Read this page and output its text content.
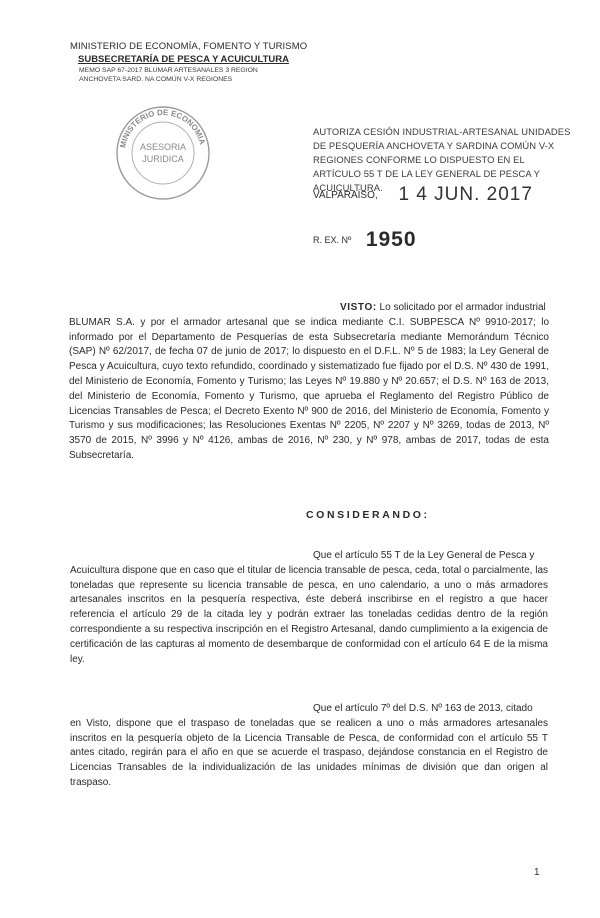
MINISTERIO DE ECONOMÍA, FOMENTO Y TURISMO
SUBSECRETARÍA DE PESCA Y ACUICULTURA
MEMO SAP 67-2017 BLUMAR ARTESANALES 3 REGION
ANCHOVETA SARD. NA COMÚN V-X REGIONES
MINISTERIO DE ECONOMIA
ASESORIA
JURIDICA
AUTORIZA CESIÓN INDUSTRIAL-ARTESANAL UNIDADES DE PESQUERÍA ANCHOVETA Y SARDINA COMÚN V-X REGIONES CONFORME LO DISPUESTO EN EL ARTÍCULO 55 T DE LA LEY GENERAL DE PESCA Y ACUICULTURA.
VALPARAÍSO, 1 4 JUN. 2017
R. EX. Nº 1950
VISTO: Lo solicitado por el armador industrial
BLUMAR S.A. y por el armador artesanal que se indica mediante C.I. SUBPESCA Nº 9910-2017; lo informado por el Departamento de Pesquerías de esta Subsecretaría mediante Memorándum Técnico (SAP) Nº 62/2017, de fecha 07 de junio de 2017; lo dispuesto en el D.F.L. Nº 5 de 1983; la Ley General de Pesca y Acuicultura, cuyo texto refundido, coordinado y sistematizado fue fijado por el D.S. Nº 430 de 1991, del Ministerio de Economía, Fomento y Turismo; las Leyes Nº 19.880 y Nº 20.657; el D.S. Nº 163 de 2013, del Ministerio de Economía, Fomento y Turismo, que aprueba el Reglamento del Registro Público de Licencias Transables de Pesca; el Decreto Exento Nº 900 de 2016, del Ministerio de Economía, Fomento y Turismo y sus modificaciones; las Resoluciones Exentas Nº 2205, Nº 2207 y Nº 3269, todas de 2013, Nº 3570 de 2015, Nº 3996 y Nº 4126, ambas de 2016, Nº 230, y Nº 978, ambas de 2017, todas de esta Subsecretaría.
CONSIDERANDO:
Que el artículo 55 T de la Ley General de Pesca y
Acuicultura dispone que en caso que el titular de licencia transable de pesca, ceda, total o parcialmente, las toneladas que represente su licencia transable de pesca, en uno calendario, a uno o más armadores artesanales inscritos en la pesquería respectiva, éste deberá inscribirse en el registro a que hacer referencia el artículo 29 de la citada ley y podrán extraer las toneladas cedidas dentro de la región correspondiente a su respectiva inscripción en el Registro Artesanal, dando cumplimiento a la exigencia de certificación de las capturas al momento de desembarque de conformidad con el artículo 64 E de la misma ley.
Que el artículo 7º del D.S. Nº 163 de 2013, citado
en Visto, dispone que el traspaso de toneladas que se realicen a uno o más armadores artesanales inscritos en la pesquería objeto de la Licencia Transable de Pesca, de conformidad con el artículo 55 T antes citado, regirán para el año en que se acuerde el traspaso, dejándose constancia en el Registro de Licencias Transables de la individualización de las unidades mínimas de división que dan origen al traspaso.
1
